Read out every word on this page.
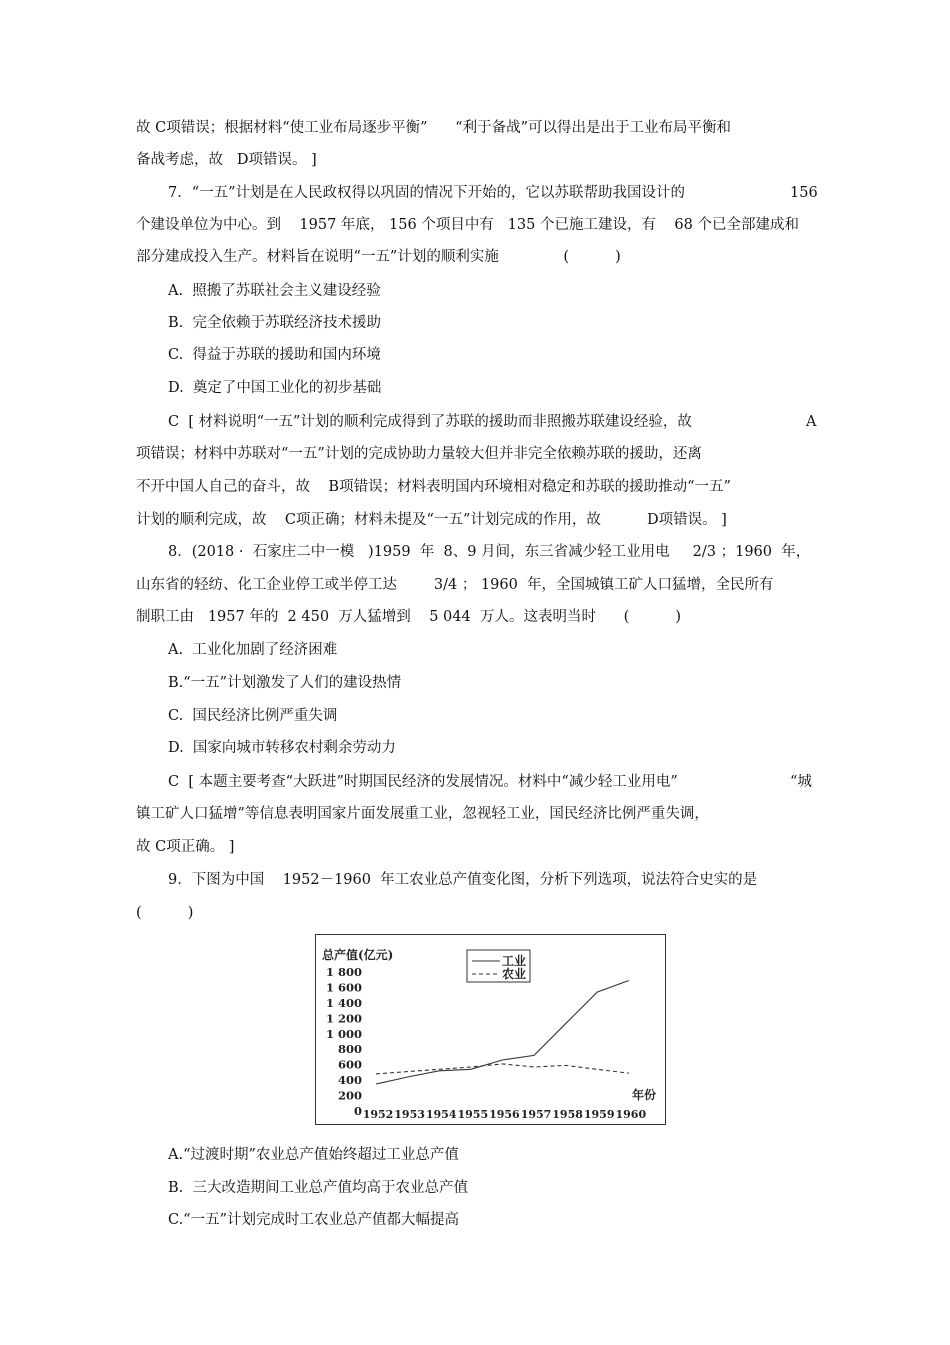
故 C项错误；根据材料“使工业布局逐步平衡”      “利于备战”可以得出是出于工业布局平衡和
备战考虑，故   D项错误。 ]
7．“一五”计划是在人民政权得以巩固的情况下开始的，它以苏联帮助我国设计的	156
个建设单位为中心。到    1957 年底， 156 个项目中有   135 个已施工建设，有    68 个已全部建成和
部分建成投入生产。材料旨在说明“一五”计划的顺利实施              (          )
A.  照搬了苏联社会主义建设经验
B.  完全依赖于苏联经济技术援助
C.  得益于苏联的援助和国内环境
D.  奠定了中国工业化的初步基础
C  [ 材料说明“一五”计划的顺利完成得到了苏联的援助而非照搬苏联建设经验，故	A
项错误；材料中苏联对“一五”计划的完成协助力量较大但并非完全依赖苏联的援助，还离
不开中国人自己的奋斗，故    B项错误；材料表明国内环境相对稳定和苏联的援助推动“一五”
计划的顺利完成，故    C项正确；材料未提及“一五”计划完成的作用，故          D项错误。 ]
8．(2018 ·  石家庄二中一模   )1959  年  8、9 月间，东三省减少轻工业用电     2/3 ；1960  年，
山东省的轻纺、化工企业停工或半停工达        3/4 ； 1960  年，全国城镇工矿人口猛增，全民所有
制职工由   1957 年的  2 450  万人猛增到    5 044  万人。这表明当时      (          )
A.  工业化加剧了经济困难
B.“一五”计划激发了人们的建设热情
C.  国民经济比例严重失调
D.  国家向城市转移农村剩余劳动力
C  [ 本题主要考查“大跃进”时期国民经济的发展情况。材料中“减少轻工业用电”	“城
镇工矿人口猛增”等信息表明国家片面发展重工业，忽视轻工业，国民经济比例严重失调，
故 C项正确。 ]
9．下图为中国    1952－1960  年工农业总产值变化图，分析下列选项，说法符合史实的是
(          )
总产值(亿元)
年份
1 800
1 600
1 400
1 200
1 000
800
600
400
200
0 1952 1953 1954 1955 1956 1957 1958 1959 1960
工业
农业
A.“过渡时期”农业总产值始终超过工业总产值
B.  三大改造期间工业总产值均高于农业总产值
C.“一五”计划完成时工农业总产值都大幅提高
